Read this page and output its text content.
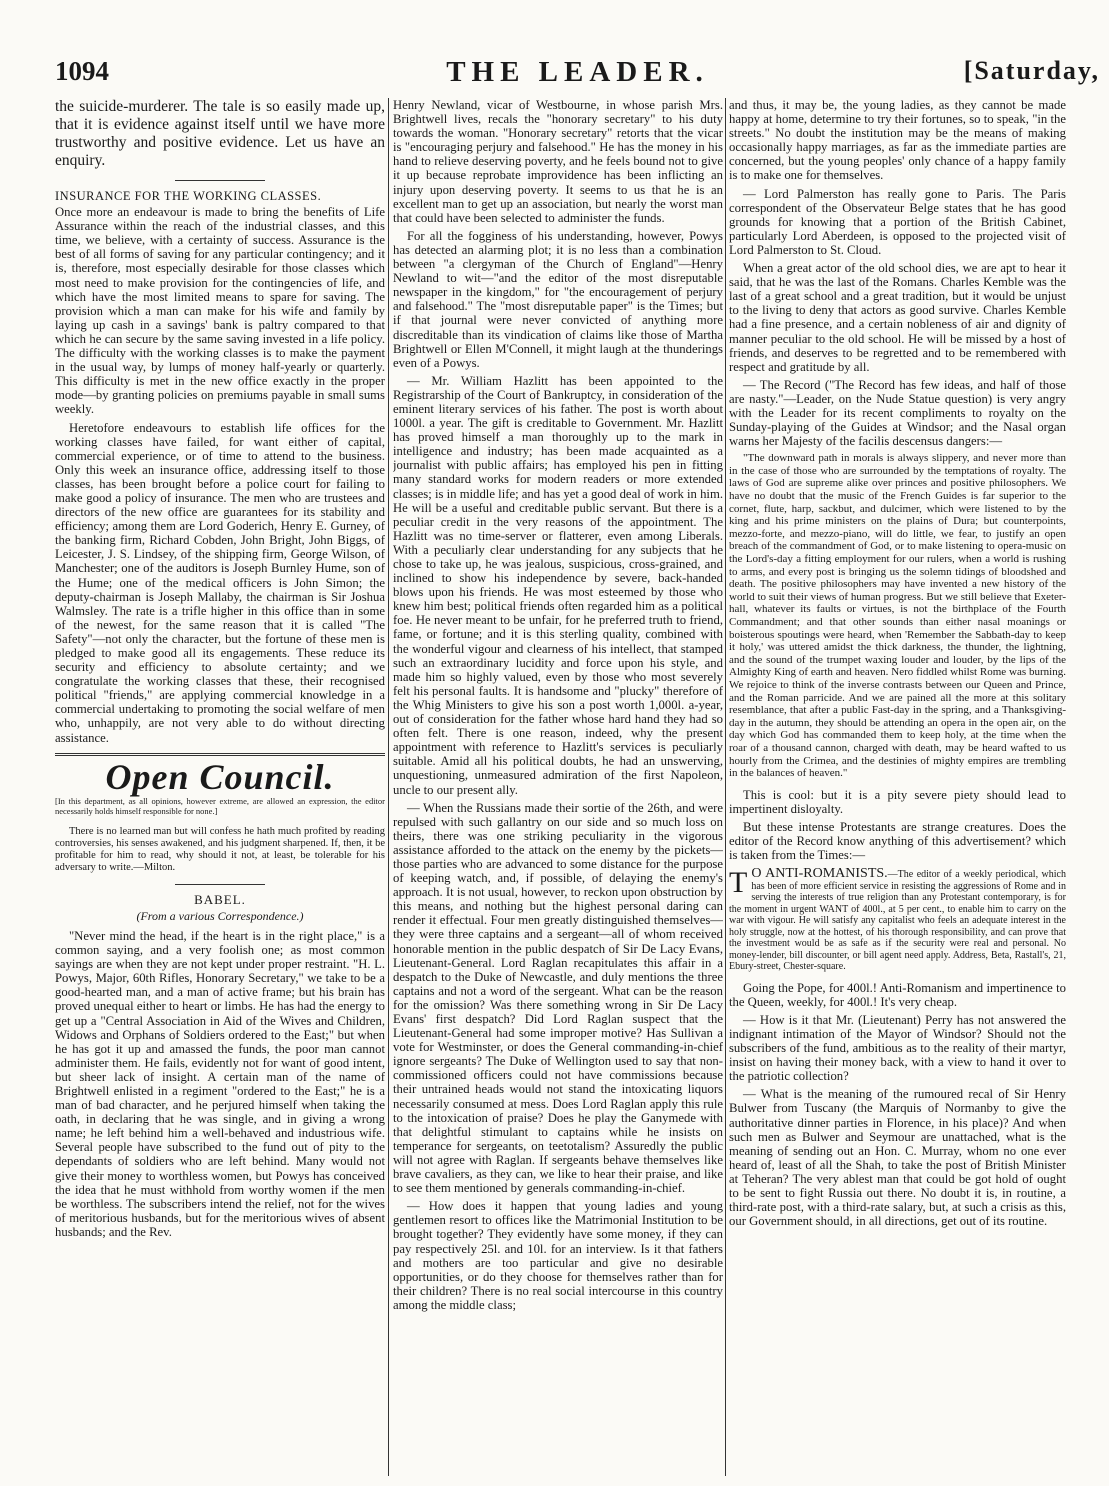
1094	THE LEADER.	[Saturday,

the suicide-murderer. The tale is so easily made up, that it is evidence against itself until we have more trustworthy and positive evidence. Let us have an enquiry.

INSURANCE FOR THE WORKING CLASSES.

Once more an endeavour is made to bring the benefits of Life Assurance within the reach of the industrial classes, and this time, we believe, with a certainty of success. Assurance is the best of all forms of saving for any particular contingency; and it is, therefore, most especially desirable for those classes which most need to make provision for the contingencies of life, and which have the most limited means to spare for saving. The provision which a man can make for his wife and family by laying up cash in a savings' bank is paltry compared to that which he can secure by the same saving invested in a life policy. The difficulty with the working classes is to make the payment in the usual way, by lumps of money half-yearly or quarterly. This difficulty is met in the new office exactly in the proper mode—by granting policies on premiums payable in small sums weekly.

Heretofore endeavours to establish life offices for the working classes have failed, for want either of capital, commercial experience, or of time to attend to the business. Only this week an insurance office, addressing itself to those classes, has been brought before a police court for failing to make good a policy of insurance. The men who are trustees and directors of the new office are guarantees for its stability and efficiency; among them are Lord Goderich, Henry E. Gurney, of the banking firm, Richard Cobden, John Bright, John Biggs, of Leicester, J. S. Lindsey, of the shipping firm, George Wilson, of Manchester; one of the auditors is Joseph Burnley Hume, son of the Hume; one of the medical officers is John Simon; the deputy-chairman is Joseph Mallaby, the chairman is Sir Joshua Walmsley. The rate is a trifle higher in this office than in some of the newest, for the same reason that it is called "The Safety"—not only the character, but the fortune of these men is pledged to make good all its engagements. These reduce its security and efficiency to absolute certainty; and we congratulate the working classes that these, their recognised political "friends," are applying commercial knowledge in a commercial undertaking to promoting the social welfare of men who, unhappily, are not very able to do without directing assistance.

Open Council.

[In this department, as all opinions, however extreme, are allowed an expression, the editor necessarily holds himself responsible for none.]

There is no learned man but will confess he hath much profited by reading controversies, his senses awakened, and his judgment sharpened. If, then, it be profitable for him to read, why should it not, at least, be tolerable for his adversary to write.—Milton.

BABEL.
(From a various Correspondence.)

"Never mind the head, if the heart is in the right place," is a common saying, and a very foolish one; as most common sayings are when they are not kept under proper restraint. "H. L. Powys, Major, 60th Rifles, Honorary Secretary," we take to be a good-hearted man, and a man of active frame; but his brain has proved unequal either to heart or limbs. He has had the energy to get up a "Central Association in Aid of the Wives and Children, Widows and Orphans of Soldiers ordered to the East;" but when he has got it up and amassed the funds, the poor man cannot administer them. He fails, evidently not for want of good intent, but sheer lack of insight. A certain man of the name of Brightwell enlisted in a regiment "ordered to the East;" he is a man of bad character, and he perjured himself when taking the oath, in declaring that he was single, and in giving a wrong name; he left behind him a well-behaved and industrious wife. Several people have subscribed to the fund out of pity to the dependants of soldiers who are left behind. Many would not give their money to worthless women, but Powys has conceived the idea that he must withhold from worthy women if the men be worthless. The subscribers intend the relief, not for the wives of meritorious husbands, but for the meritorious wives of absent husbands; and the Rev.

Henry Newland, vicar of Westbourne, in whose parish Mrs. Brightwell lives, recals the "honorary secretary" to his duty towards the woman. "Honorary secretary" retorts that the vicar is "encouraging perjury and falsehood." He has the money in his hand to relieve deserving poverty, and he feels bound not to give it up because reprobate improvidence has been inflicting an injury upon deserving poverty. It seems to us that he is an excellent man to get up an association, but nearly the worst man that could have been selected to administer the funds.

For all the fogginess of his understanding, however, Powys has detected an alarming plot; it is no less than a combination between "a clergyman of the Church of England"—Henry Newland to wit—"and the editor of the most disreputable newspaper in the kingdom," for "the encouragement of perjury and falsehood." The "most disreputable paper" is the Times; but if that journal were never convicted of anything more discreditable than its vindication of claims like those of Martha Brightwell or Ellen M'Connell, it might laugh at the thunderings even of a Powys.

— Mr. William Hazlitt has been appointed to the Registrarship of the Court of Bankruptcy, in consideration of the eminent literary services of his father. The post is worth about 1000l. a year. The gift is creditable to Government. Mr. Hazlitt has proved himself a man thoroughly up to the mark in intelligence and industry; has been made acquainted as a journalist with public affairs; has employed his pen in fitting many standard works for modern readers or more extended classes; is in middle life; and has yet a good deal of work in him. He will be a useful and creditable public servant. But there is a peculiar credit in the very reasons of the appointment. The Hazlitt was no time-server or flatterer, even among Liberals. With a peculiarly clear understanding for any subjects that he chose to take up, he was jealous, suspicious, cross-grained, and inclined to show his independence by severe, back-handed blows upon his friends. He was most esteemed by those who knew him best; political friends often regarded him as a political foe. He never meant to be unfair, for he preferred truth to friend, fame, or fortune; and it is this sterling quality, combined with the wonderful vigour and clearness of his intellect, that stamped such an extraordinary lucidity and force upon his style, and made him so highly valued, even by those who most severely felt his personal faults. It is handsome and "plucky" therefore of the Whig Ministers to give his son a post worth 1,000l. a-year, out of consideration for the father whose hard hand they had so often felt. There is one reason, indeed, why the present appointment with reference to Hazlitt's services is peculiarly suitable. Amid all his political doubts, he had an unswerving, unquestioning, unmeasured admiration of the first Napoleon, uncle to our present ally.

— When the Russians made their sortie of the 26th, and were repulsed with such gallantry on our side and so much loss on theirs, there was one striking peculiarity in the vigorous assistance afforded to the attack on the enemy by the pickets—those parties who are advanced to some distance for the purpose of keeping watch, and, if possible, of delaying the enemy's approach. It is not usual, however, to reckon upon obstruction by this means, and nothing but the highest personal daring can render it effectual. Four men greatly distinguished themselves—they were three captains and a sergeant—all of whom received honorable mention in the public despatch of Sir De Lacy Evans, Lieutenant-General. Lord Raglan recapitulates this affair in a despatch to the Duke of Newcastle, and duly mentions the three captains and not a word of the sergeant. What can be the reason for the omission? Was there something wrong in Sir De Lacy Evans' first despatch? Did Lord Raglan suspect that the Lieutenant-General had some improper motive? Has Sullivan a vote for Westminster, or does the General commanding-in-chief ignore sergeants? The Duke of Wellington used to say that non-commissioned officers could not have commissions because their untrained heads would not stand the intoxicating liquors necessarily consumed at mess. Does Lord Raglan apply this rule to the intoxication of praise? Does he play the Ganymede with that delightful stimulant to captains while he insists on temperance for sergeants, on teetotalism? Assuredly the public will not agree with Raglan. If sergeants behave themselves like brave cavaliers, as they can, we like to hear their praise, and like to see them mentioned by generals commanding-in-chief.

— How does it happen that young ladies and young gentlemen resort to offices like the Matrimonial Institution to be brought together? They evidently have some money, if they can pay respectively 25l. and 10l. for an interview. Is it that fathers and mothers are too particular and give no desirable opportunities, or do they choose for themselves rather than for their children? There is no real social intercourse in this country among the middle class;

and thus, it may be, the young ladies, as they cannot be made happy at home, determine to try their fortunes, so to speak, "in the streets." No doubt the institution may be the means of making occasionally happy marriages, as far as the immediate parties are concerned, but the young peoples' only chance of a happy family is to make one for themselves.

— Lord Palmerston has really gone to Paris. The Paris correspondent of the Observateur Belge states that he has good grounds for knowing that a portion of the British Cabinet, particularly Lord Aberdeen, is opposed to the projected visit of Lord Palmerston to St. Cloud.

When a great actor of the old school dies, we are apt to hear it said, that he was the last of the Romans. Charles Kemble was the last of a great school and a great tradition, but it would be unjust to the living to deny that actors as good survive. Charles Kemble had a fine presence, and a certain nobleness of air and dignity of manner peculiar to the old school. He will be missed by a host of friends, and deserves to be regretted and to be remembered with respect and gratitude by all.

— The Record ("The Record has few ideas, and half of those are nasty."—Leader, on the Nude Statue question) is very angry with the Leader for its recent compliments to royalty on the Sunday-playing of the Guides at Windsor; and the Nasal organ warns her Majesty of the facilis descensus dangers:—

"The downward path in morals is always slippery, and never more than in the case of those who are surrounded by the temptations of royalty. The laws of God are supreme alike over princes and positive philosophers. We have no doubt that the music of the French Guides is far superior to the cornet, flute, harp, sackbut, and dulcimer, which were listened to by the king and his prime ministers on the plains of Dura; but counterpoints, mezzo-forte, and mezzo-piano, will do little, we fear, to justify an open breach of the commandment of God, or to make listening to opera-music on the Lord's-day a fitting employment for our rulers, when a world is rushing to arms, and every post is bringing us the solemn tidings of bloodshed and death. The positive philosophers may have invented a new history of the world to suit their views of human progress. But we still believe that Exeter-hall, whatever its faults or virtues, is not the birthplace of the Fourth Commandment; and that other sounds than either nasal moanings or boisterous spoutings were heard, when 'Remember the Sabbath-day to keep it holy,' was uttered amidst the thick darkness, the thunder, the lightning, and the sound of the trumpet waxing louder and louder, by the lips of the Almighty King of earth and heaven. Nero fiddled whilst Rome was burning. We rejoice to think of the inverse contrasts between our Queen and Prince, and the Roman parricide. And we are pained all the more at this solitary resemblance, that after a public Fast-day in the spring, and a Thanksgiving-day in the autumn, they should be attending an opera in the open air, on the day which God has commanded them to keep holy, at the time when the roar of a thousand cannon, charged with death, may be heard wafted to us hourly from the Crimea, and the destinies of mighty empires are trembling in the balances of heaven."

This is cool: but it is a pity severe piety should lead to impertinent disloyalty.

But these intense Protestants are strange creatures. Does the editor of the Record know anything of this advertisement? which is taken from the Times:—

T O ANTI-ROMANISTS.—The editor of a weekly periodical, which has been of more efficient service in resisting the aggressions of Rome and in serving the interests of true religion than any Protestant contemporary, is for the moment in urgent WANT of 400l., at 5 per cent., to enable him to carry on the war with vigour. He will satisfy any capitalist who feels an adequate interest in the holy struggle, now at the hottest, of his thorough responsibility, and can prove that the investment would be as safe as if the security were real and personal. No money-lender, bill discounter, or bill agent need apply. Address, Beta, Rastall's, 21, Ebury-street, Chester-square.

Going the Pope, for 400l.! Anti-Romanism and impertinence to the Queen, weekly, for 400l.! It's very cheap.

— How is it that Mr. (Lieutenant) Perry has not answered the indignant intimation of the Mayor of Windsor? Should not the subscribers of the fund, ambitious as to the reality of their martyr, insist on having their money back, with a view to hand it over to the patriotic collection?

— What is the meaning of the rumoured recal of Sir Henry Bulwer from Tuscany (the Marquis of Normanby to give the authoritative dinner parties in Florence, in his place)? And when such men as Bulwer and Seymour are unattached, what is the meaning of sending out an Hon. C. Murray, whom no one ever heard of, least of all the Shah, to take the post of British Minister at Teheran? The very ablest man that could be got hold of ought to be sent to fight Russia out there. No doubt it is, in routine, a third-rate post, with a third-rate salary, but, at such a crisis as this, our Government should, in all directions, get out of its routine.
